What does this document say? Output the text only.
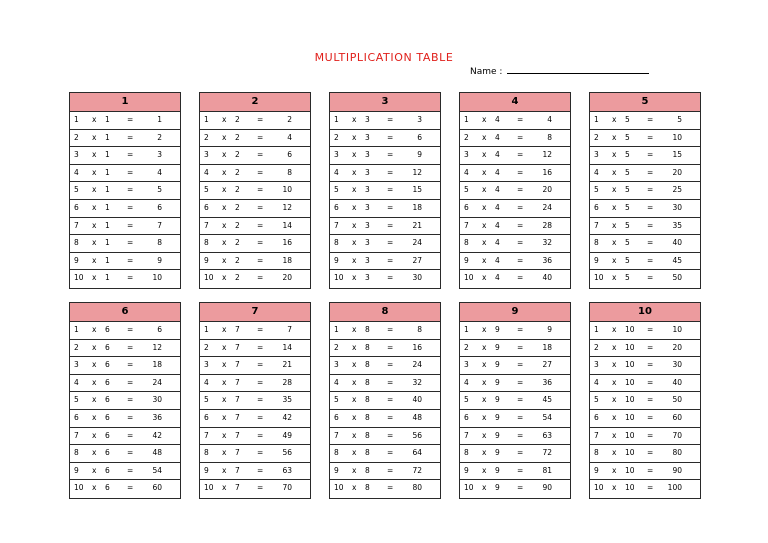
MULTIPLICATION TABLE
Name :
1
1 x 1 =	1
2 x 1 =	2
3 x 1 =	3
4 x 1 =	4
5 x 1 =	5
6 x 1 =	6
7 x 1 =	7
8 x 1 =	8
9 x 1 =	9
10 x 1 =	10
2
1 x 2 =	2
2 x 2 =	4
3 x 2 =	6
4 x 2 =	8
5 x 2 =	10
6 x 2 =	12
7 x 2 =	14
8 x 2 =	16
9 x 2 =	18
10 x 2 =	20
3
1 x 3 =	3
2 x 3 =	6
3 x 3 =	9
4 x 3 =	12
5 x 3 =	15
6 x 3 =	18
7 x 3 =	21
8 x 3 =	24
9 x 3 =	27
10 x 3 =	30
4
1 x 4 =	4
2 x 4 =	8
3 x 4 =	12
4 x 4 =	16
5 x 4 =	20
6 x 4 =	24
7 x 4 =	28
8 x 4 =	32
9 x 4 =	36
10 x 4 =	40
5
1 x 5 =	5
2 x 5 =	10
3 x 5 =	15
4 x 5 =	20
5 x 5 =	25
6 x 5 =	30
7 x 5 =	35
8 x 5 =	40
9 x 5 =	45
10 x 5 =	50
6
1 x 6 =	6
2 x 6 =	12
3 x 6 =	18
4 x 6 =	24
5 x 6 =	30
6 x 6 =	36
7 x 6 =	42
8 x 6 =	48
9 x 6 =	54
10 x 6 =	60
7
1 x 7 =	7
2 x 7 =	14
3 x 7 =	21
4 x 7 =	28
5 x 7 =	35
6 x 7 =	42
7 x 7 =	49
8 x 7 =	56
9 x 7 =	63
10 x 7 =	70
8
1 x 8 =	8
2 x 8 =	16
3 x 8 =	24
4 x 8 =	32
5 x 8 =	40
6 x 8 =	48
7 x 8 =	56
8 x 8 =	64
9 x 8 =	72
10 x 8 =	80
9
1 x 9 =	9
2 x 9 =	18
3 x 9 =	27
4 x 9 =	36
5 x 9 =	45
6 x 9 =	54
7 x 9 =	63
8 x 9 =	72
9 x 9 =	81
10 x 9 =	90
10
1 x 10 =	10
2 x 10 =	20
3 x 10 =	30
4 x 10 =	40
5 x 10 =	50
6 x 10 =	60
7 x 10 =	70
8 x 10 =	80
9 x 10 =	90
10 x 10 = 100
